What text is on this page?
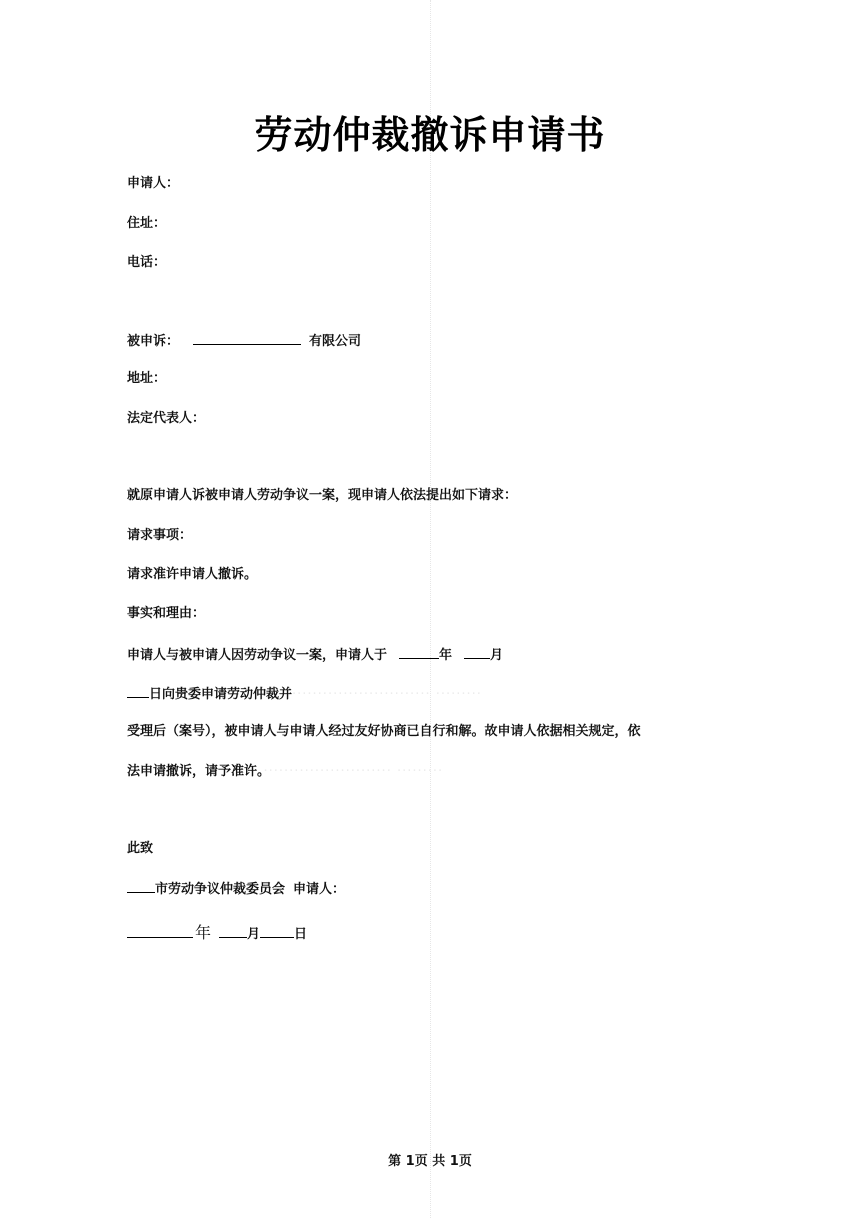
劳动仲裁撤诉申请书
申请人：
住址：
电话：
被申诉：	有限公司
地址：
法定代表人：
就原申请人诉被申请人劳动争议一案，现申请人依法提出如下请求：
请求事项：
请求准许申请人撤诉。
事实和理由：
申请人与被申请人因劳动争议一案，申请人于	年	月
日向贵委申请劳动仲裁并··························· ·········
受理后（案号），被申请人与申请人经过友好协商已自行和解。故申请人依据相关规定，依
法申请撤诉，请予准许。························· ·········
此致
市劳动争议仲裁委员会 申请人：
年	月	日
第 1页 共 1页
